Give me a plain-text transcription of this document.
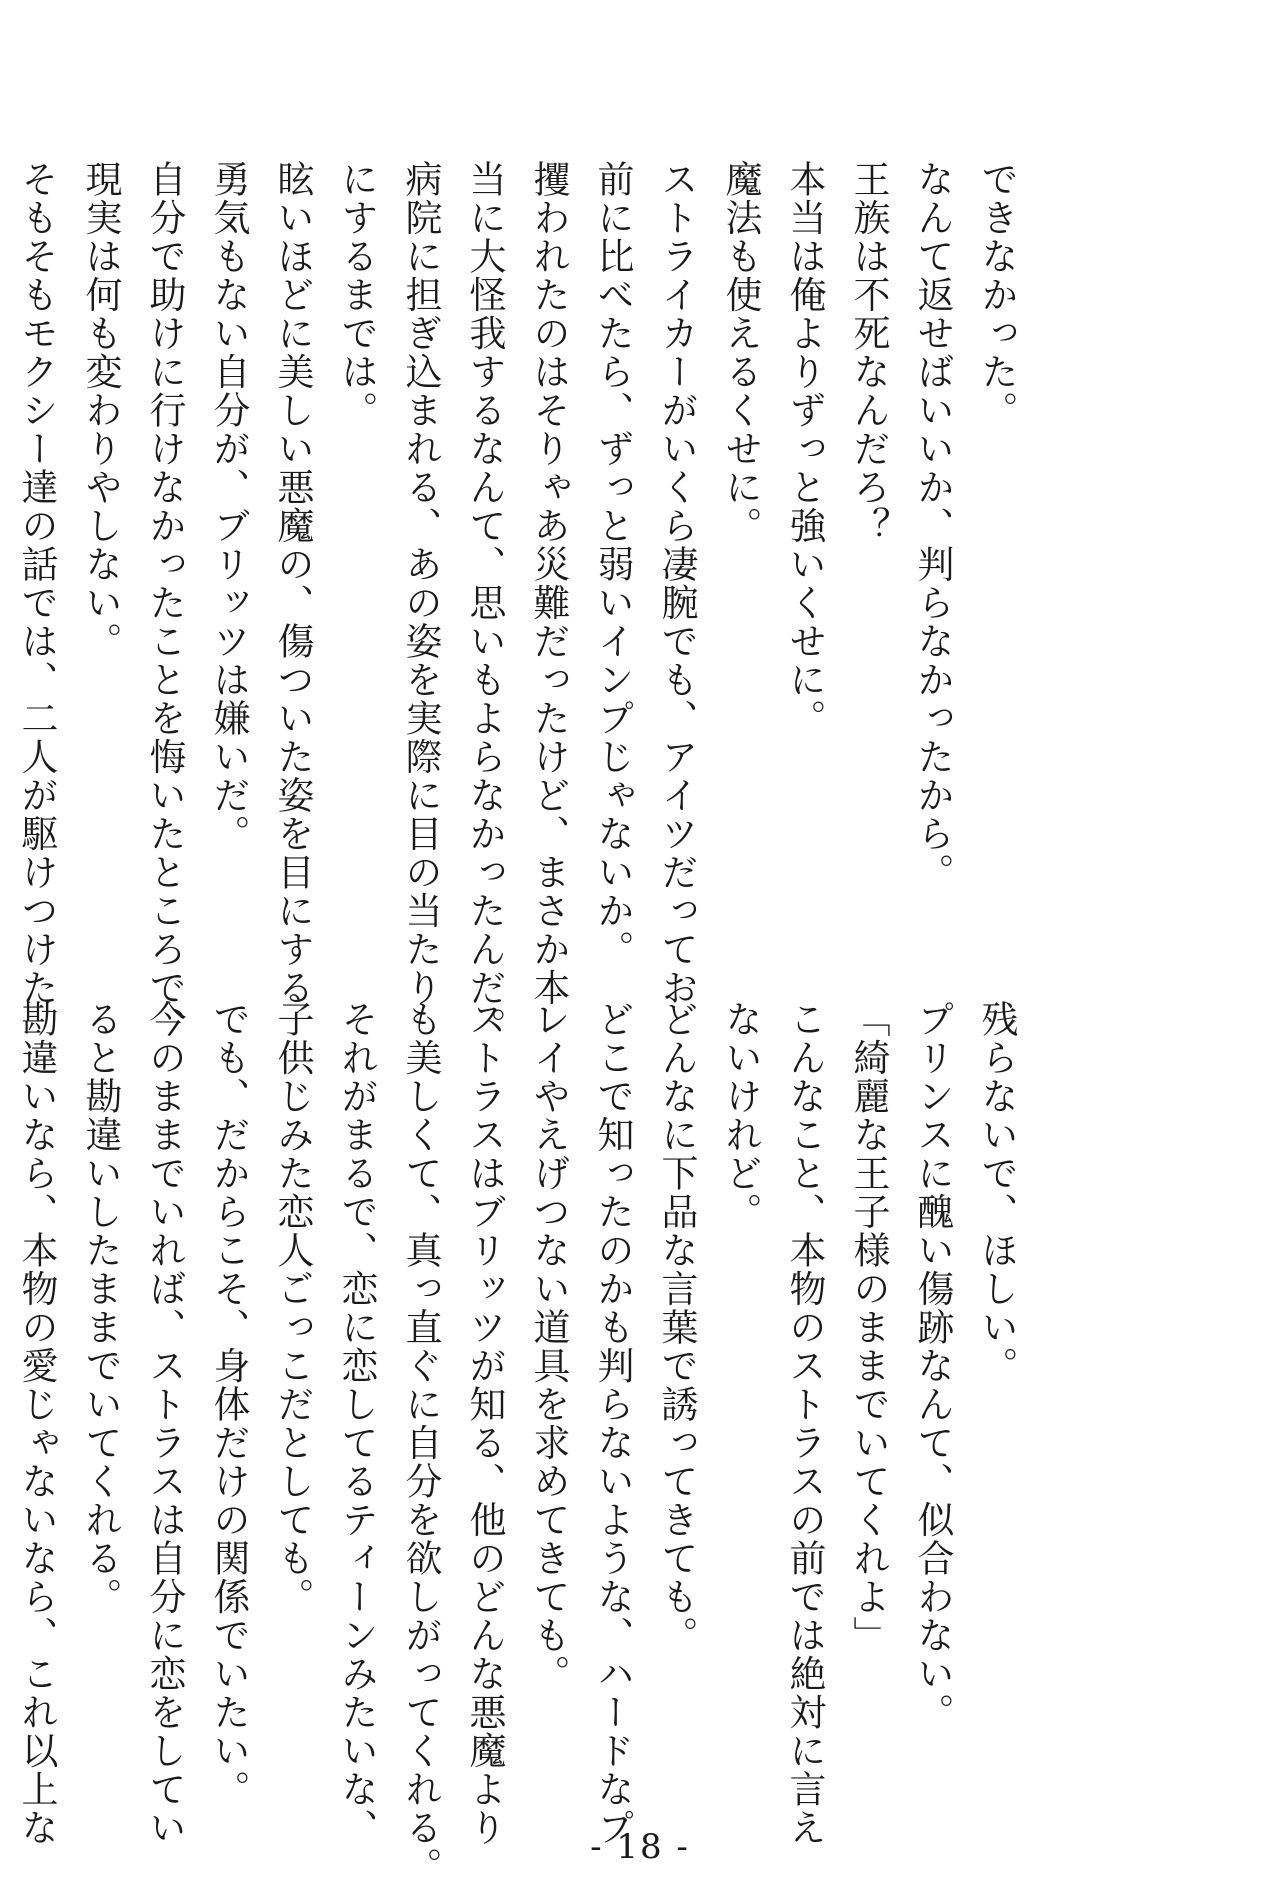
できなかった。
なんて返せばいいか、判らなかったから。
王族は不死なんだろ？
本当は俺よりずっと強いくせに。
魔法も使えるくせに。
ストライカーがいくら凄腕でも、アイツだってお
前に比べたら、ずっと弱いインプじゃないか。
攫われたのはそりゃあ災難だったけど、まさか本
当に大怪我するなんて、思いもよらなかったんだ。
病院に担ぎ込まれる、あの姿を実際に目の当たり
にするまでは。
眩いほどに美しい悪魔の、傷ついた姿を目にする
勇気もない自分が、ブリッツは嫌いだ。
自分で助けに行けなかったことを悔いたところで、
現実は何も変わりやしない。
そもそもモクシー達の話では、二人が駆けつけた
残らないで、ほしい。
プリンスに醜い傷跡なんて、似合わない。
「綺麗な王子様のままでいてくれよ」
こんなこと、本物のストラスの前では絶対に言え
ないけれど。
どんなに下品な言葉で誘ってきても。
どこで知ったのかも判らないような、ハードなプ
レイやえげつない道具を求めてきても。
ストラスはブリッツが知る、他のどんな悪魔より
も美しくて、真っ直ぐに自分を欲しがってくれる。
それがまるで、恋に恋してるティーンみたいな、
子供じみた恋人ごっこだとしても。
でも、だからこそ、身体だけの関係でいたい。
今のままでいれば、ストラスは自分に恋をしてい
ると勘違いしたままでいてくれる。
勘違いなら、本物の愛じゃないなら、これ以上な	- 18 -
